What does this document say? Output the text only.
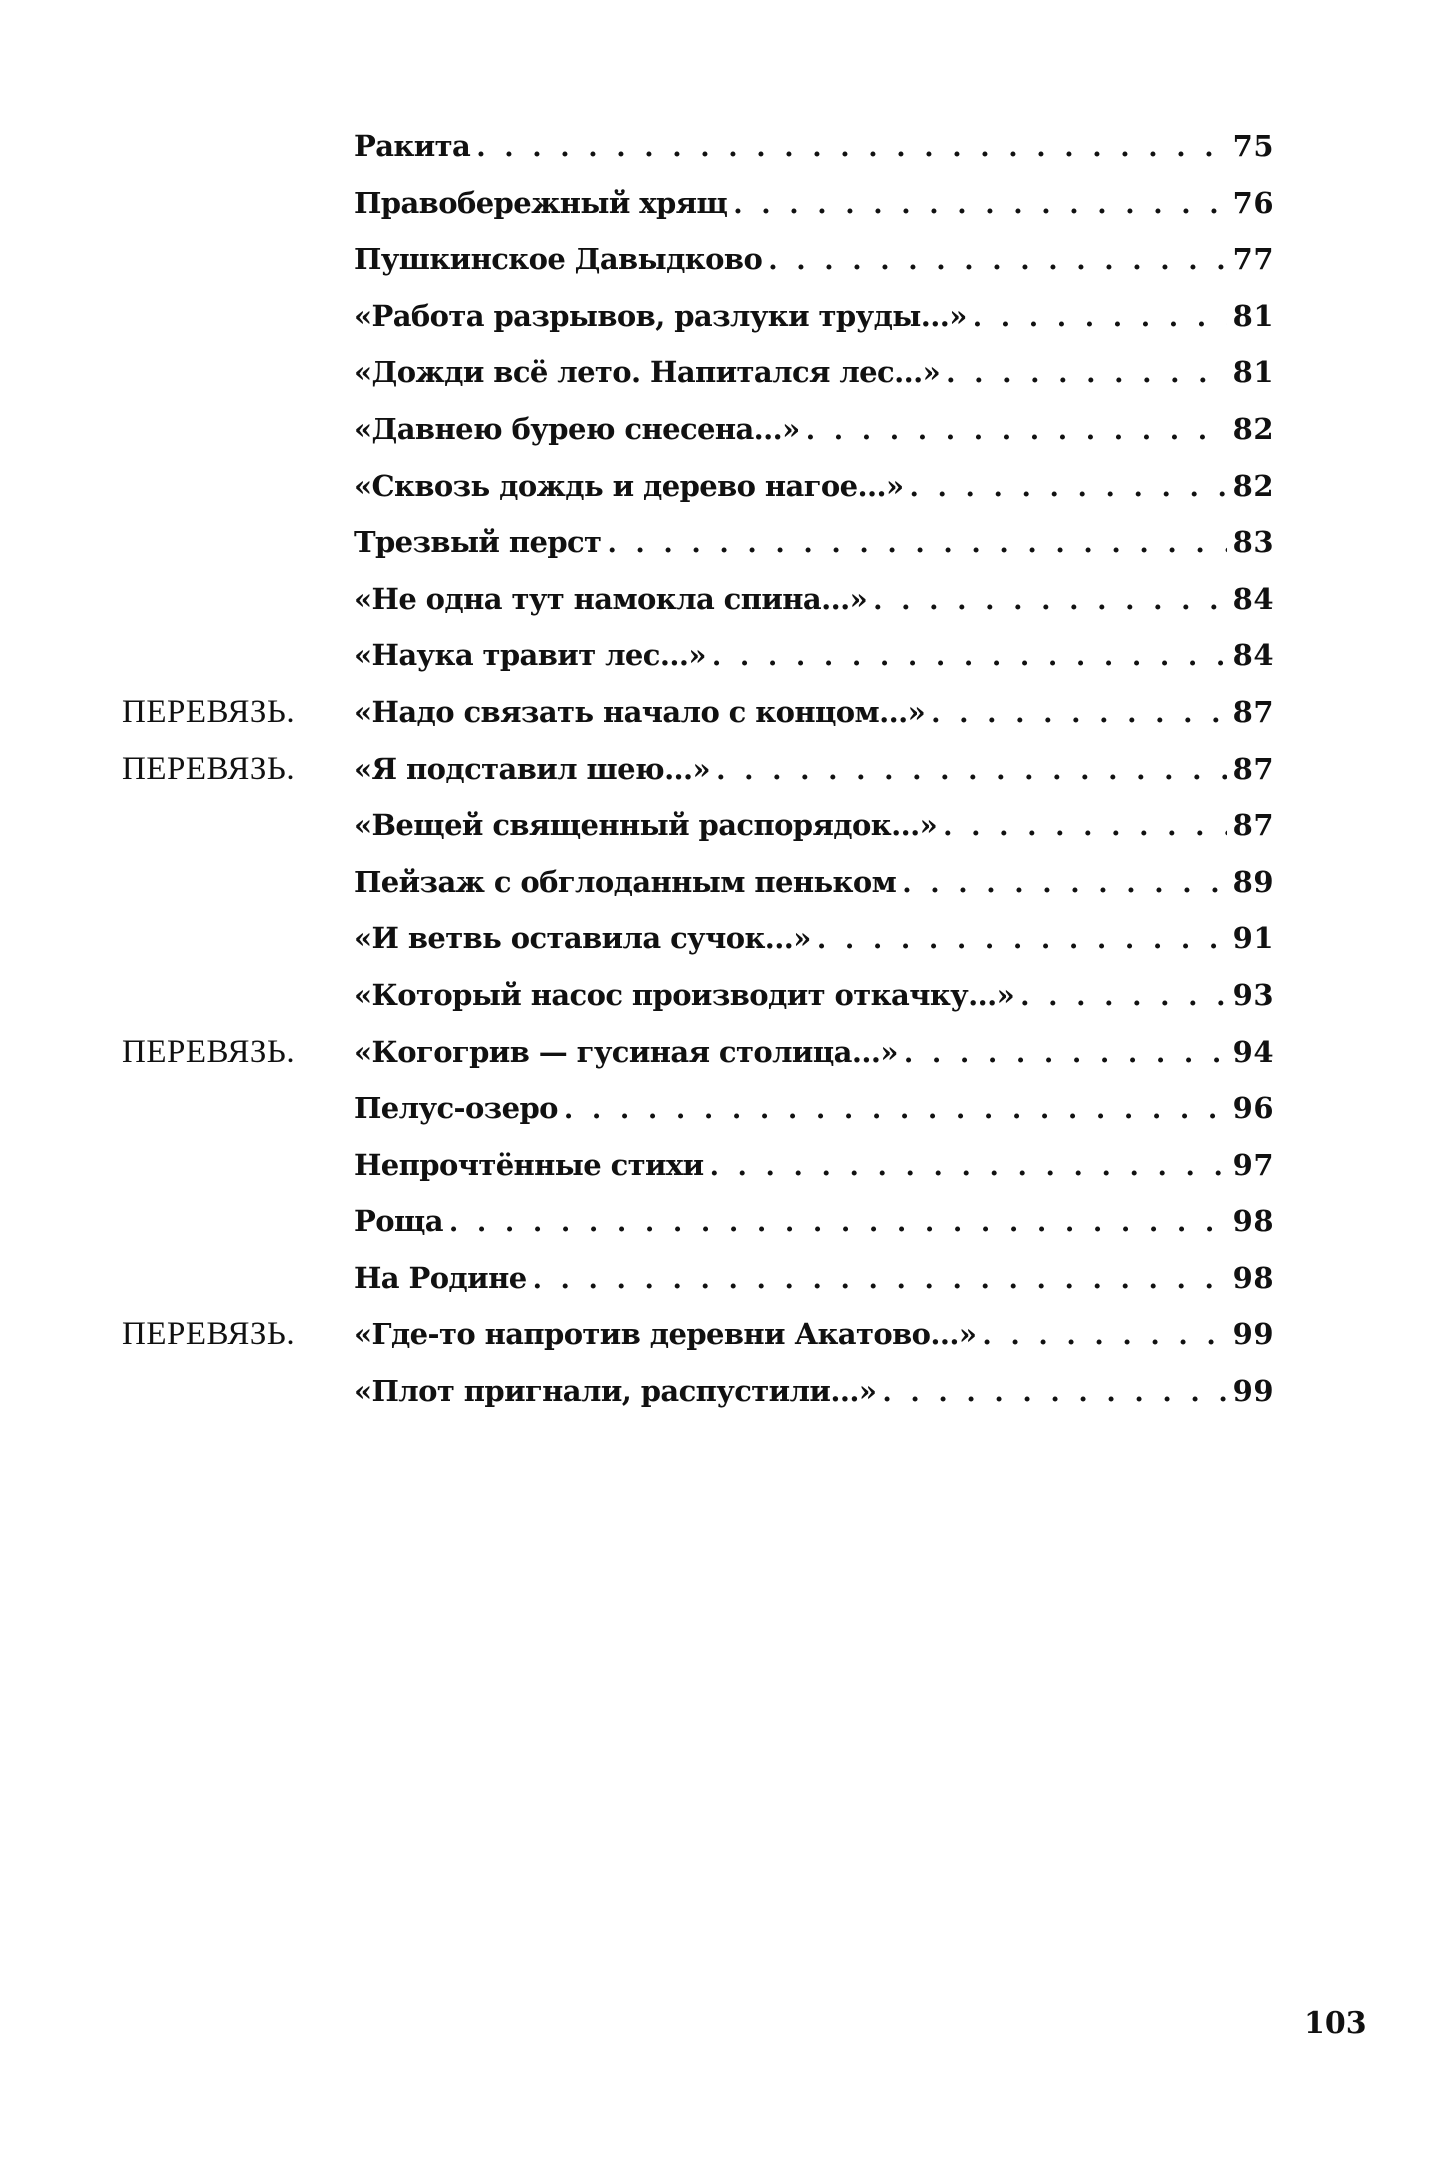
Ракита . . .	75
Правобережный хрящ . . .	76
Пушкинское Давыдково . . .	77
«Работа разрывов, разлуки труды...» . . .	81
«Дожди всё лето. Напитался лес...» . . .	81
«Давнею бурею снесена...» . . .	82
«Сквозь дождь и дерево нагое...» . . .	82
Трезвый перст . . .	83
«Не одна тут намокла спина...» . . .	84
«Наука травит лес...» . . .	84
ПЕРЕВЯЗЬ. «Надо связать начало с концом...» . . .	87
ПЕРЕВЯЗЬ. «Я подставил шею...» . . .	87
«Вещей священный распорядок...» . . .	87
Пейзаж с обглоданным пеньком . . .	89
«И ветвь оставила сучок...» . . .	91
«Который насос производит откачку...» . . .	93
ПЕРЕВЯЗЬ. «Когогрив — гусиная столица...» . . .	94
Пелус-озеро . . .	96
Непрочтённые стихи . . .	97
Роща . . .	98
На Родине . . .	98
ПЕРЕВЯЗЬ. «Где-то напротив деревни Акатово...» . . .	99
«Плот пригнали, распустили...» . . .	99
103
